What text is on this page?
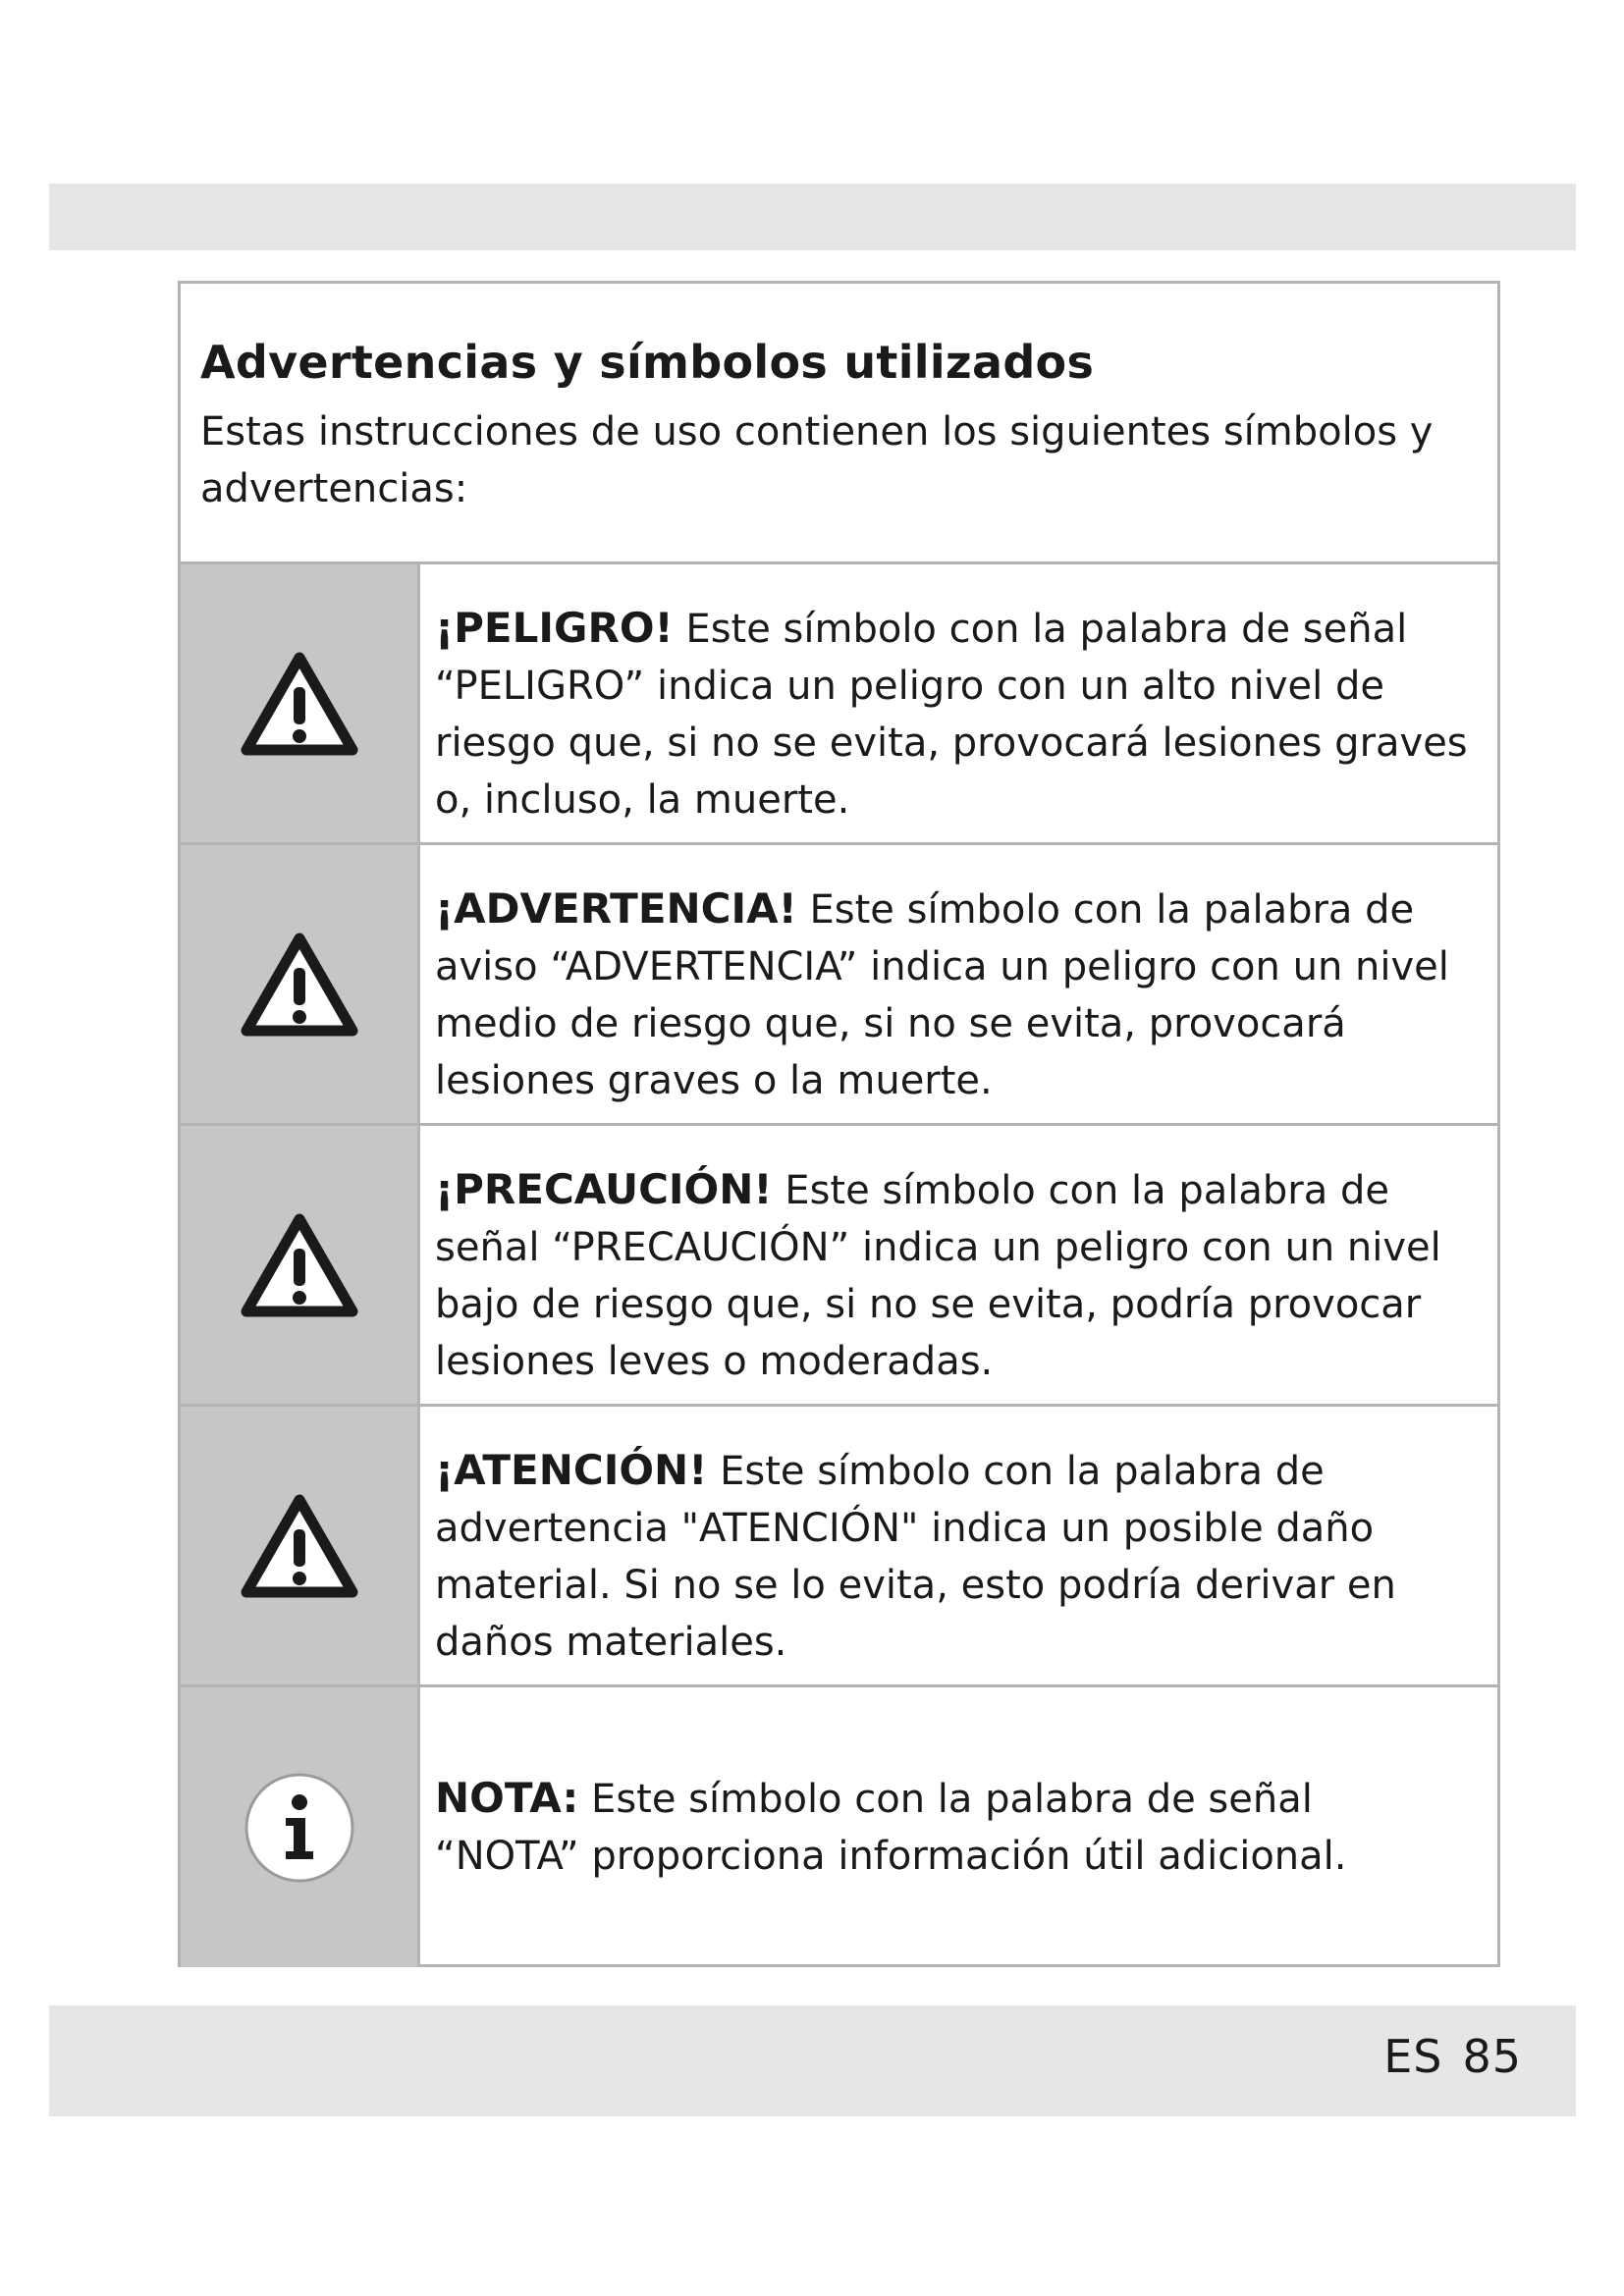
Advertencias y símbolos utilizados

Estas instrucciones de uso contienen los siguientes símbolos y advertencias:

¡PELIGRO! Este símbolo con la palabra de señal “PELIGRO” indica un peligro con un alto nivel de riesgo que, si no se evita, provocará lesiones graves o, incluso, la muerte.
¡ADVERTENCIA! Este símbolo con la palabra de aviso “ADVERTENCIA” indica un peligro con un nivel medio de riesgo que, si no se evita, provocará lesiones graves o la muerte.
¡PRECAUCIÓN! Este símbolo con la palabra de señal “PRECAUCIÓN” indica un peligro con un nivel bajo de riesgo que, si no se evita, podría provocar lesiones leves o moderadas.
¡ATENCIÓN! Este símbolo con la palabra de advertencia "ATENCIÓN" indica un posible daño material. Si no se lo evita, esto podría derivar en daños materiales.
NOTA: Este símbolo con la palabra de señal “NOTA” proporciona información útil adicional.
ES 85
